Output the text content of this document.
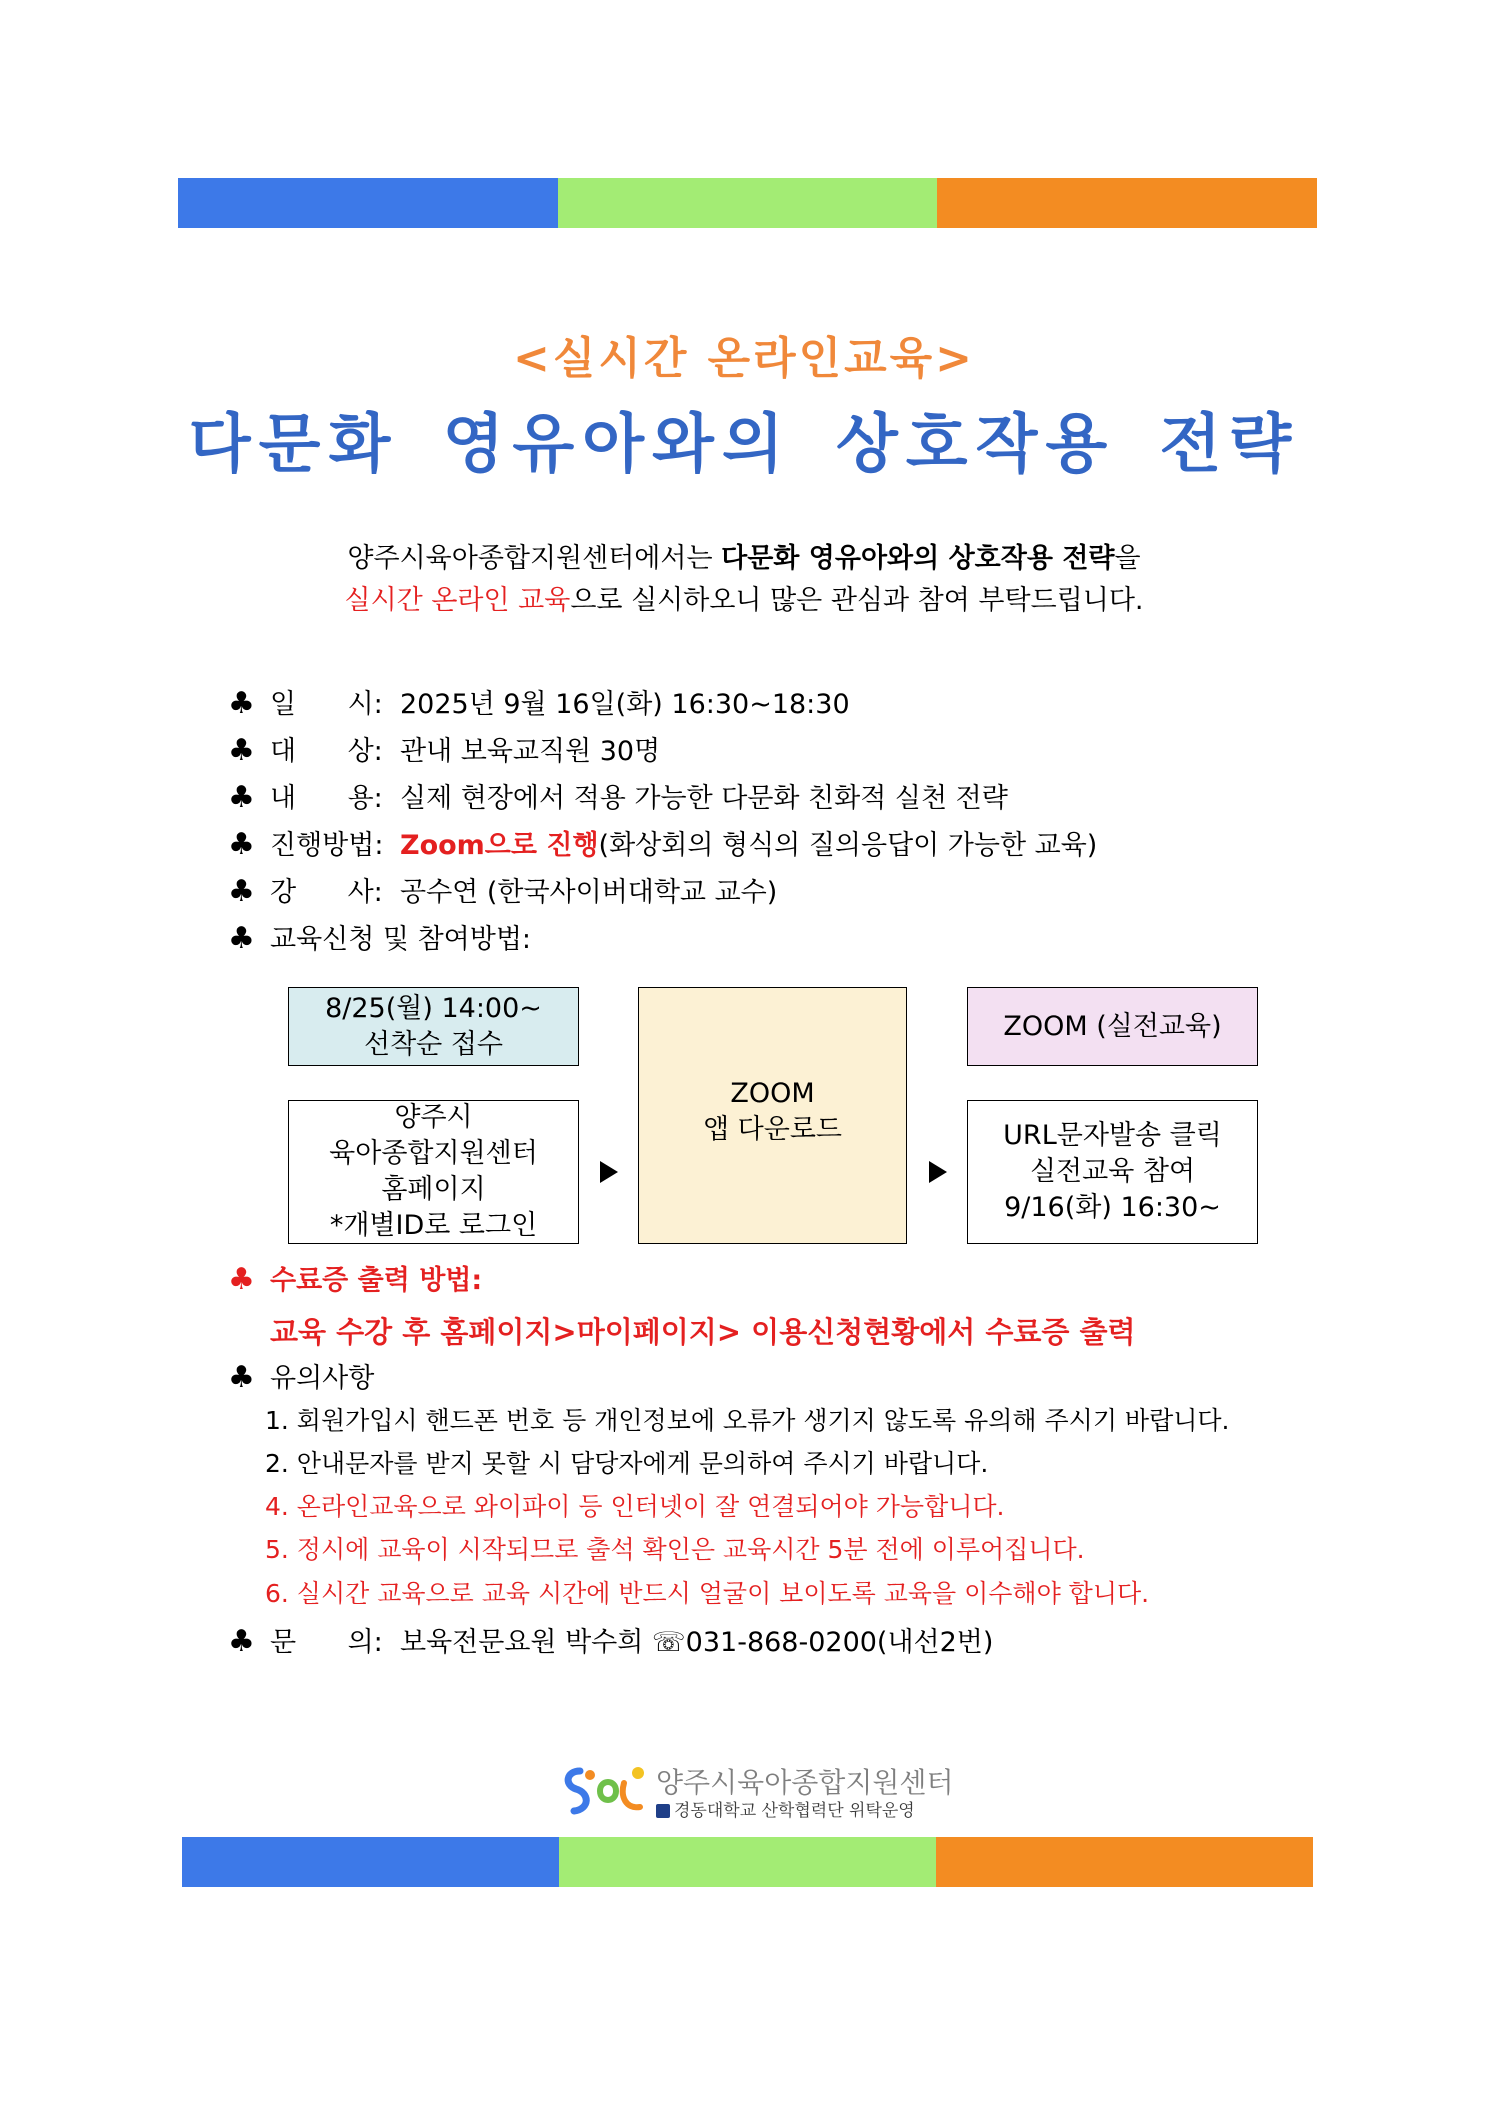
<실시간 온라인교육>
다문화 영유아와의 상호작용 전략
양주시육아종합지원센터에서는 다문화 영유아와의 상호작용 전략을
실시간 온라인 교육으로 실시하오니 많은 관심과 참여 부탁드립니다.
♣ 일      시: 2025년 9월 16일(화) 16:30~18:30
♣ 대      상: 관내 보육교직원 30명
♣ 내      용: 실제 현장에서 적용 가능한 다문화 친화적 실천 전략
♣ 진행방법: Zoom으로 진행(화상회의 형식의 질의응답이 가능한 교육)
♣ 강      사: 공수연 (한국사이버대학교 교수)
♣ 교육신청 및 참여방법:
8/25(월) 14:00~
선착순 접수
양주시
육아종합지원센터
홈페이지
*개별ID로 로그인
ZOOM
앱 다운로드
ZOOM (실전교육)
URL문자발송 클릭
실전교육 참여
9/16(화) 16:30~
♣ 수료증 출력 방법:
교육 수강 후 홈페이지>마이페이지> 이용신청현황에서 수료증 출력
♣ 유의사항
1. 회원가입시 핸드폰 번호 등 개인정보에 오류가 생기지 않도록 유의해 주시기 바랍니다.
2. 안내문자를 받지 못할 시 담당자에게 문의하여 주시기 바랍니다.
4. 온라인교육으로 와이파이 등 인터넷이 잘 연결되어야 가능합니다.
5. 정시에 교육이 시작되므로 출석 확인은 교육시간 5분 전에 이루어집니다.
6. 실시간 교육으로 교육 시간에 반드시 얼굴이 보이도록 교육을 이수해야 합니다.
♣ 문      의: 보육전문요원 박수희 ☏031-868-0200(내선2번)
양주시육아종합지원센터
경동대학교 산학협력단 위탁운영
